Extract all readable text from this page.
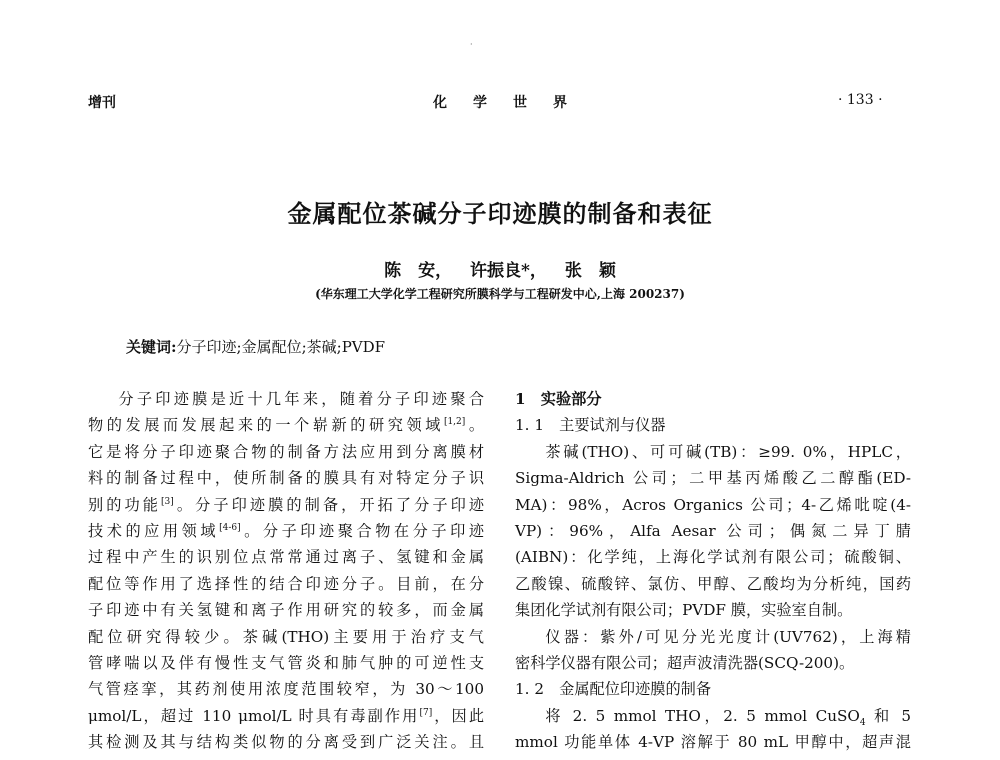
·
增刊	化学世界	· 133 ·
金属配位茶碱分子印迹膜的制备和表征
陈　安， 许振良*， 张　颖
(华东理工大学化学工程研究所膜科学与工程研发中心,上海 200237)
关键词:分子印迹;金属配位;茶碱;PVDF

分子印迹膜是近十几年来，随着分子印迹聚合

物的发展而发展起来的一个崭新的研究领域[1,2]。

它是将分子印迹聚合物的制备方法应用到分离膜材

料的制备过程中，使所制备的膜具有对特定分子识

别的功能[3]。分子印迹膜的制备，开拓了分子印迹

技术的应用领域[4-6]。分子印迹聚合物在分子印迹

过程中产生的识别位点常常通过离子、氢键和金属

配位等作用了选择性的结合印迹分子。目前，在分

子印迹中有关氢键和离子作用研究的较多，而金属

配位研究得较少。茶碱(THO)主要用于治疗支气

管哮喘以及伴有慢性支气管炎和肺气肿的可逆性支

气管痉挛，其药剂使用浓度范围较窄，为 30～100

μmol/L，超过 110 μmol/L 时具有毒副作用[7]，因此

其检测及其与结构类似物的分离受到广泛关注。且

1　实验部分

1. 1　主要试剂与仪器

茶碱(THO)、可可碱(TB)：≥99. 0%，HPLC，

Sigma-Aldrich 公司；二甲基丙烯酸乙二醇酯(ED-

MA)：98%，Acros Organics 公司；4-乙烯吡啶(4-

VP)：96%，Alfa Aesar 公司；偶氮二异丁腈

(AIBN)：化学纯，上海化学试剂有限公司；硫酸铜、

乙酸镍、硫酸锌、氯仿、甲醇、乙酸均为分析纯，国药

集团化学试剂有限公司；PVDF 膜，实验室自制。

仪器：紫外/可见分光光度计(UV762)，上海精

密科学仪器有限公司；超声波清洗器(SCQ-200)。

1. 2　金属配位印迹膜的制备

将 2. 5 mmol THO，2. 5 mmol CuSO$_4$ 和 5

mmol 功能单体 4-VP 溶解于 80 mL 甲醇中，超声混
